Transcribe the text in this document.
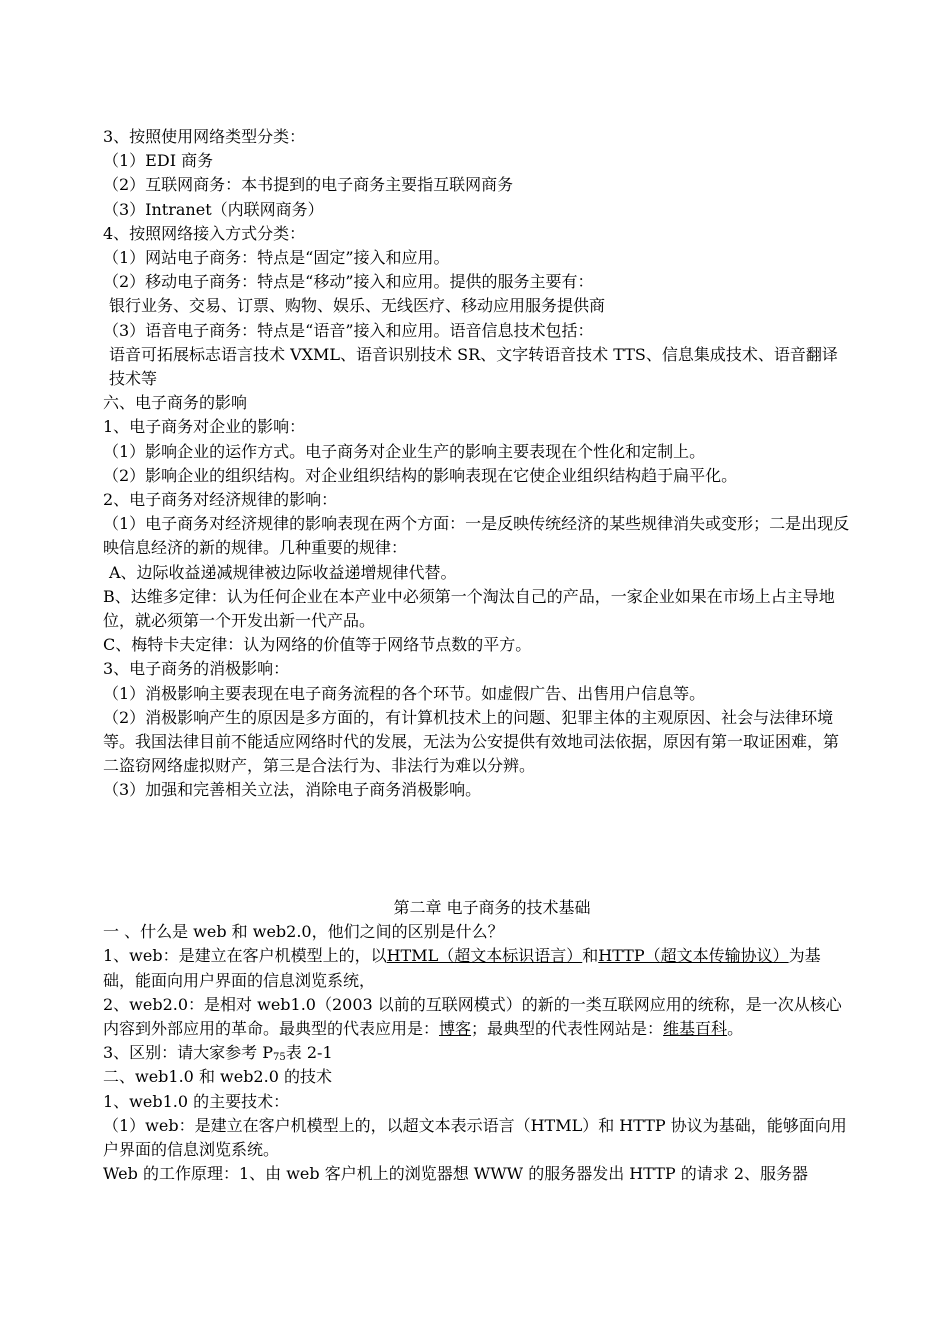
3、按照使用网络类型分类：
（1）EDI 商务
（2）互联网商务：本书提到的电子商务主要指互联网商务
（3）Intranet（内联网商务）
4、按照网络接入方式分类：
（1）网站电子商务：特点是“固定”接入和应用。
（2）移动电子商务：特点是“移动”接入和应用。提供的服务主要有：
银行业务、交易、订票、购物、娱乐、无线医疗、移动应用服务提供商
（3）语音电子商务：特点是“语音”接入和应用。语音信息技术包括：
语音可拓展标志语言技术 VXML、语音识别技术 SR、文字转语音技术 TTS、信息集成技术、语音翻译技术等
六、电子商务的影响
1、电子商务对企业的影响：
（1）影响企业的运作方式。电子商务对企业生产的影响主要表现在个性化和定制上。
（2）影响企业的组织结构。对企业组织结构的影响表现在它使企业组织结构趋于扁平化。
2、电子商务对经济规律的影响：
（1）电子商务对经济规律的影响表现在两个方面：一是反映传统经济的某些规律消失或变形；二是出现反映信息经济的新的规律。几种重要的规律：
A、边际收益递减规律被边际收益递增规律代替。
B、达维多定律：认为任何企业在本产业中必须第一个淘汰自己的产品，一家企业如果在市场上占主导地位，就必须第一个开发出新一代产品。
C、梅特卡夫定律：认为网络的价值等于网络节点数的平方。
3、电子商务的消极影响：
（1）消极影响主要表现在电子商务流程的各个环节。如虚假广告、出售用户信息等。
（2）消极影响产生的原因是多方面的，有计算机技术上的问题、犯罪主体的主观原因、社会与法律环境等。我国法律目前不能适应网络时代的发展，无法为公安提供有效地司法依据，原因有第一取证困难，第二盗窃网络虚拟财产，第三是合法行为、非法行为难以分辨。
（3）加强和完善相关立法，消除电子商务消极影响。
第二章 电子商务的技术基础
一 、什么是 web 和 web2.0，他们之间的区别是什么？
1、web：是建立在客户机模型上的，以HTML（超文本标识语言）和HTTP（超文本传输协议）为基础，能面向用户界面的信息浏览系统，
2、web2.0：是相对 web1.0（2003 以前的互联网模式）的新的一类互联网应用的统称，是一次从核心内容到外部应用的革命。最典型的代表应用是：博客；最典型的代表性网站是：维基百科。
3、区别：请大家参考 $P_{75}$表 2-1
二、web1.0 和 web2.0 的技术
1、web1.0 的主要技术：
（1）web：是建立在客户机模型上的，以超文本表示语言（HTML）和 HTTP 协议为基础，能够面向用户界面的信息浏览系统。
Web 的工作原理：1、由 web 客户机上的浏览器想 WWW 的服务器发出 HTTP 的请求 2、服务器
